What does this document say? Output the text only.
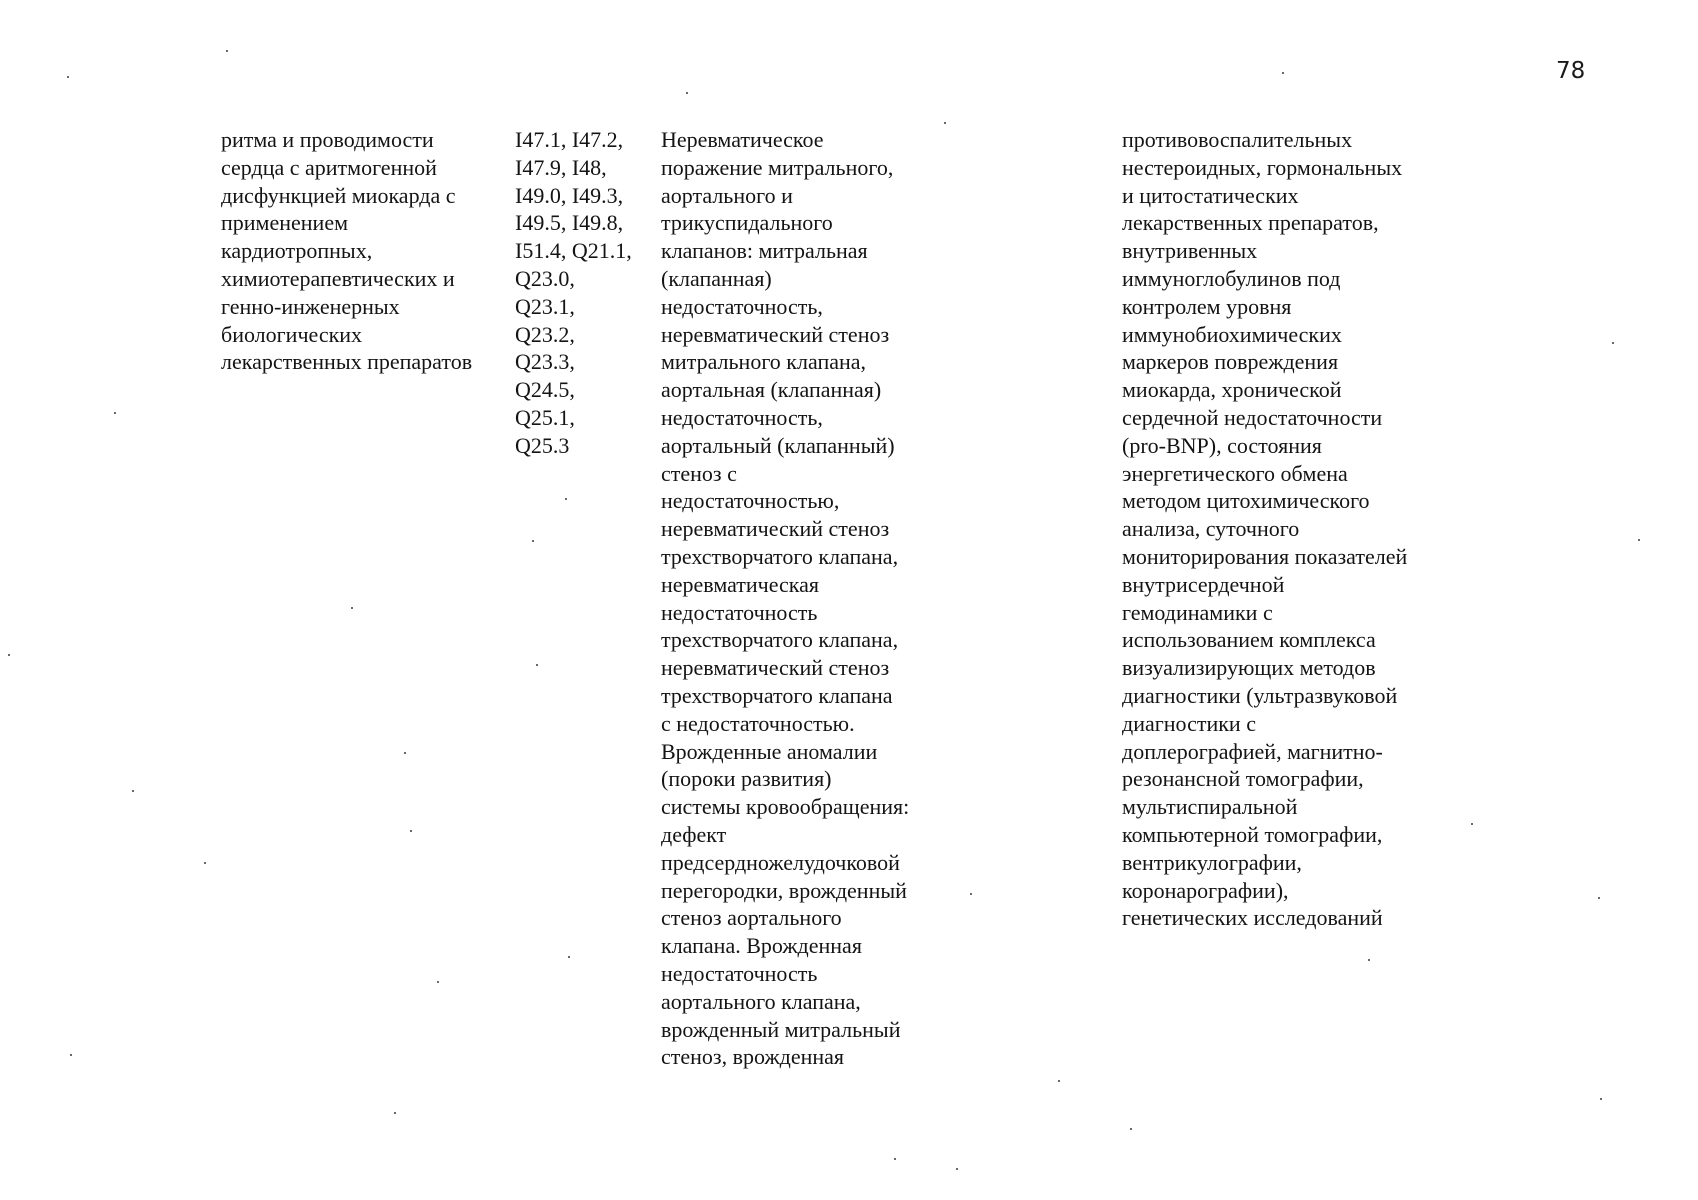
78
ритма и проводимости
сердца с аритмогенной
дисфункцией миокарда с
применением
кардиотропных,
химиотерапевтических и
генно-инженерных
биологических
лекарственных препаратов
I47.1, I47.2,
I47.9, I48,
I49.0, I49.3,
I49.5, I49.8,
I51.4, Q21.1,
Q23.0,
Q23.1,
Q23.2,
Q23.3,
Q24.5,
Q25.1,
Q25.3
Неревматическое
поражение митрального,
аортального и
трикуспидального
клапанов: митральная
(клапанная)
недостаточность,
неревматический стеноз
митрального клапана,
аортальная (клапанная)
недостаточность,
аортальный (клапанный)
стеноз с
недостаточностью,
неревматический стеноз
трехстворчатого клапана,
неревматическая
недостаточность
трехстворчатого клапана,
неревматический стеноз
трехстворчатого клапана
с недостаточностью.
Врожденные аномалии
(пороки развития)
системы кровообращения:
дефект
предсердножелудочковой
перегородки, врожденный
стеноз аортального
клапана. Врожденная
недостаточность
аортального клапана,
врожденный митральный
стеноз, врожденная
противовоспалительных
нестероидных, гормональных
и цитостатических
лекарственных препаратов,
внутривенных
иммуноглобулинов под
контролем уровня
иммунобиохимических
маркеров повреждения
миокарда, хронической
сердечной недостаточности
(pro-BNP), состояния
энергетического обмена
методом цитохимического
анализа, суточного
мониторирования показателей
внутрисердечной
гемодинамики с
использованием комплекса
визуализирующих методов
диагностики (ультразвуковой
диагностики с
доплерографией, магнитно-
резонансной томографии,
мультиспиральной
компьютерной томографии,
вентрикулографии,
коронарографии),
генетических исследований
